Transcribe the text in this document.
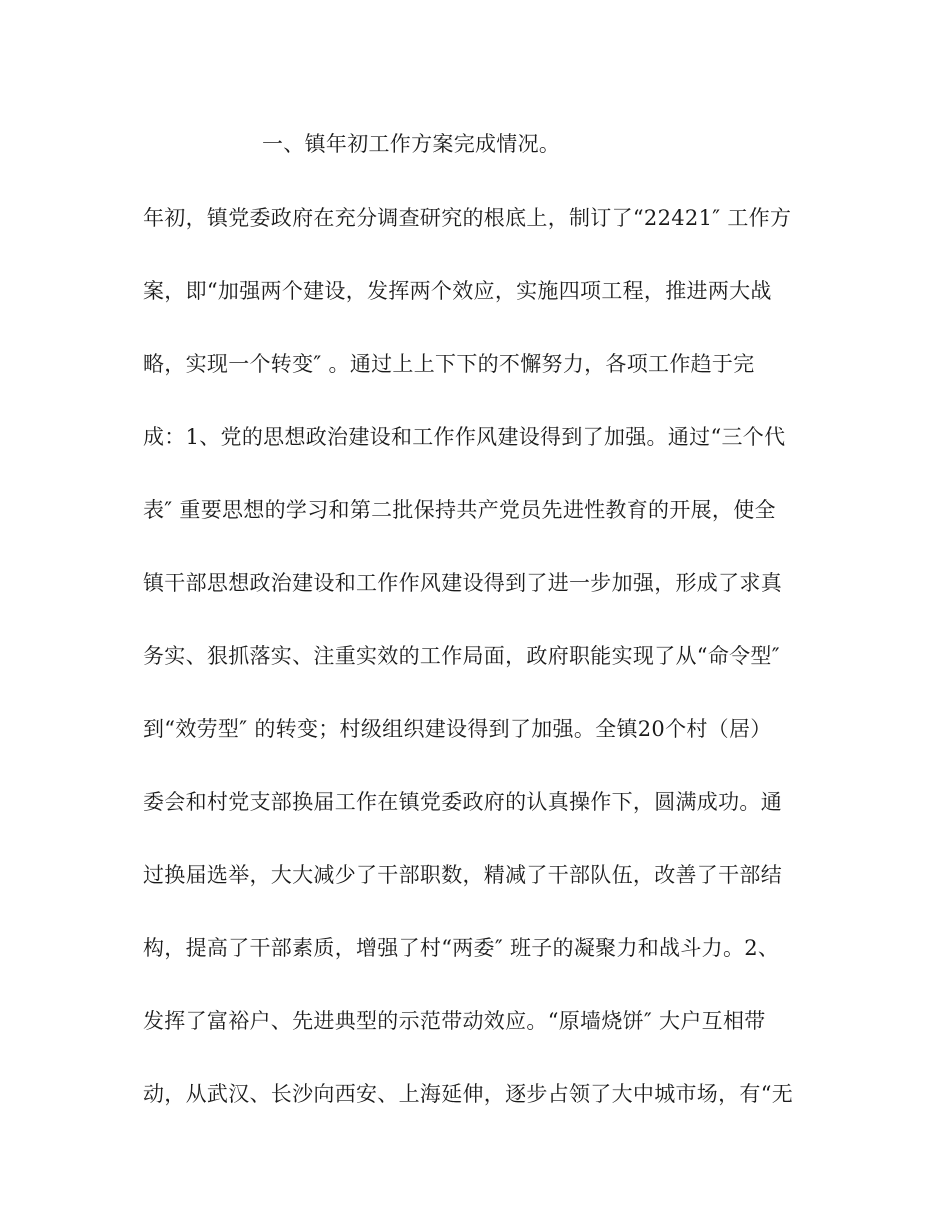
一、镇年初工作方案完成情况。
年初，镇党委政府在充分调查研究的根底上，制订了“22421″ 工作方
案，即“加强两个建设，发挥两个效应，实施四项工程，推进两大战
略，实现一个转变″ 。通过上上下下的不懈努力，各项工作趋于完
成：1、党的思想政治建设和工作作风建设得到了加强。通过“三个代
表″ 重要思想的学习和第二批保持共产党员先进性教育的开展，使全
镇干部思想政治建设和工作作风建设得到了进一步加强，形成了求真
务实、狠抓落实、注重实效的工作局面，政府职能实现了从“命令型″
到“效劳型″ 的转变；村级组织建设得到了加强。全镇20个村（居）
委会和村党支部换届工作在镇党委政府的认真操作下，圆满成功。通
过换届选举，大大减少了干部职数，精减了干部队伍，改善了干部结
构，提高了干部素质，增强了村“两委″ 班子的凝聚力和战斗力。2、
发挥了富裕户、先进典型的示范带动效应。“原墙烧饼″ 大户互相带
动，从武汉、长沙向西安、上海延伸，逐步占领了大中城市场，有“无
